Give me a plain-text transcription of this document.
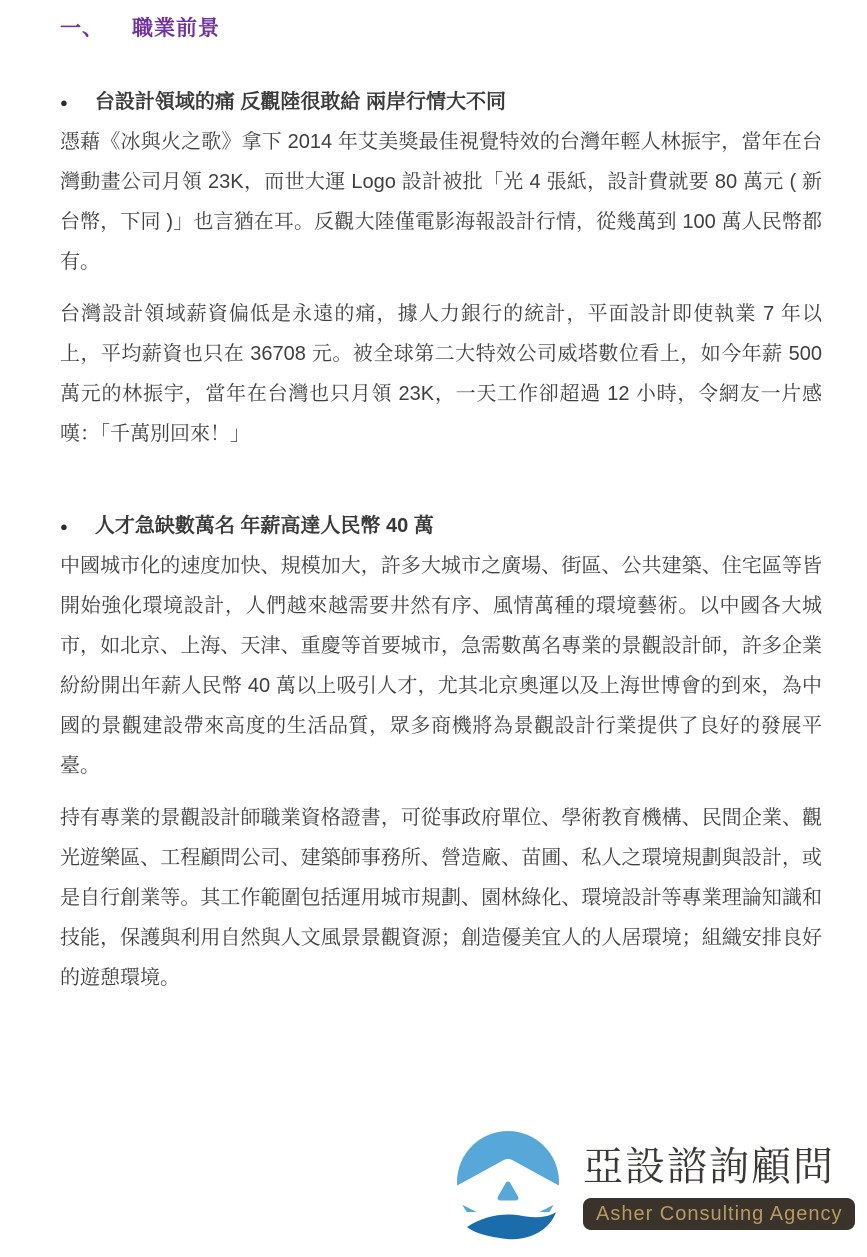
一、 職業前景
● 台設計領域的痛 反觀陸很敢給 兩岸行情大不同

憑藉《冰與火之歌》拿下 2014 年艾美獎最佳視覺特效的台灣年輕人林振宇，當年在台灣動畫公司月領 23K，而世大運 Logo 設計被批「光 4 張紙，設計費就要 80 萬元 ( 新台幣，下同 )」也言猶在耳。反觀大陸僅電影海報設計行情，從幾萬到 100 萬人民幣都有。

台灣設計領域薪資偏低是永遠的痛，據人力銀行的統計，平面設計即使執業 7 年以上，平均薪資也只在 36708 元。被全球第二大特效公司威塔數位看上，如今年薪 500 萬元的林振宇，當年在台灣也只月領 23K，一天工作卻超過 12 小時，令網友一片感嘆：「千萬別回來！」

● 人才急缺數萬名 年薪高達人民幣 40 萬

中國城市化的速度加快、規模加大，許多大城市之廣場、街區、公共建築、住宅區等皆開始強化環境設計，人們越來越需要井然有序、風情萬種的環境藝術。以中國各大城市，如北京、上海、天津、重慶等首要城市，急需數萬名專業的景觀設計師，許多企業紛紛開出年薪人民幣 40 萬以上吸引人才，尤其北京奧運以及上海世博會的到來，為中國的景觀建設帶來高度的生活品質，眾多商機將為景觀設計行業提供了良好的發展平臺。

持有專業的景觀設計師職業資格證書，可從事政府單位、學術教育機構、民間企業、觀光遊樂區、工程顧問公司、建築師事務所、營造廠、苗圃、私人之環境規劃與設計，或是自行創業等。其工作範圍包括運用城市規劃、園林綠化、環境設計等專業理論知識和技能，保護與利用自然與人文風景景觀資源；創造優美宜人的人居環境；組織安排良好的遊憩環境。

亞設諮詢顧問
Asher Consulting Agency
